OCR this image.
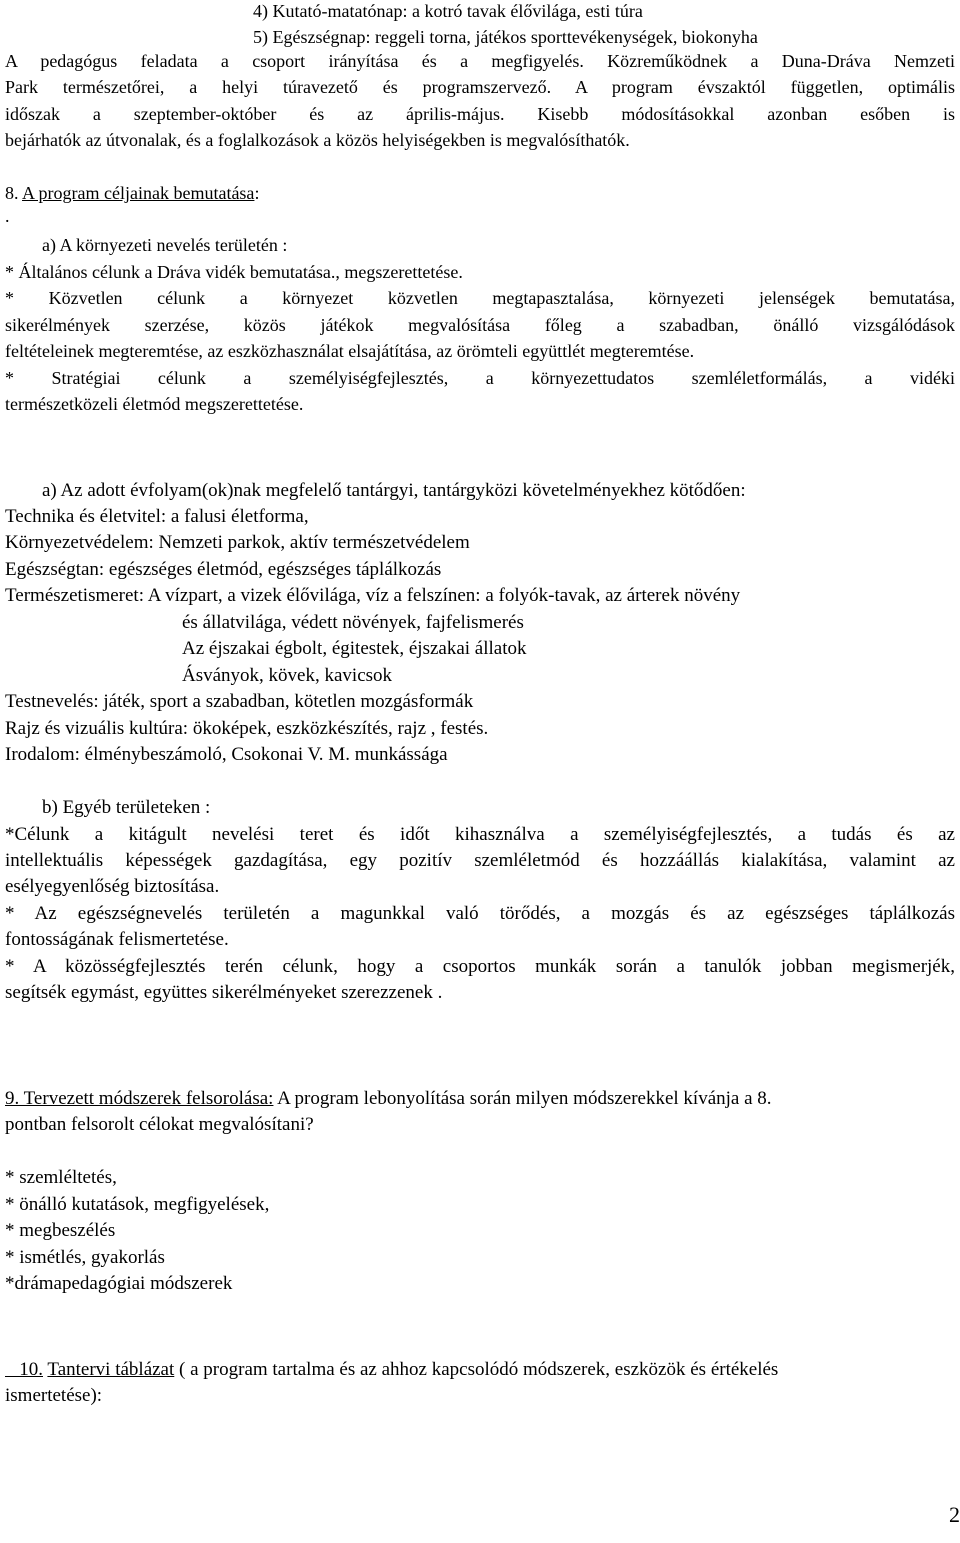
4) Kutató-matatónap: a kotró tavak élővilága, esti túra
5) Egészségnap: reggeli torna, játékos sporttevékenységek, biokonyha
A pedagógus feladata a csoport irányítása és a megfigyelés. Közreműködnek a Duna-Dráva Nemzeti
Park természetőrei, a helyi túravezető és programszervező. A program évszaktól független, optimális
időszak a szeptember-október és az április-május. Kisebb módosításokkal azonban esőben is
bejárhatók az útvonalak, és a foglalkozások a közös helyiségekben is megvalósíthatók.
8. A program céljainak bemutatása:
.
a) A környezeti nevelés területén :
* Általános célunk a Dráva vidék bemutatása., megszerettetése.
* Közvetlen célunk a környezet közvetlen megtapasztalása, környezeti jelenségek bemutatása,
sikerélmények szerzése, közös játékok megvalósítása főleg a szabadban, önálló vizsgálódások
feltételeinek megteremtése, az eszközhasználat elsajátítása, az örömteli együttlét megteremtése.
* Stratégiai célunk a személyiségfejlesztés, a környezettudatos szemléletformálás, a vidéki
természetközeli életmód megszerettetése.
a) Az adott évfolyam(ok)nak megfelelő tantárgyi, tantárgyközi követelményekhez kötődően:
Technika és életvitel: a falusi életforma,
Környezetvédelem: Nemzeti parkok, aktív természetvédelem
Egészségtan: egészséges életmód, egészséges táplálkozás
Természetismeret: A vízpart, a vizek élővilága, víz a felszínen: a folyók-tavak, az árterek növény
és állatvilága, védett növények, fajfelismerés
Az éjszakai égbolt, égitestek, éjszakai állatok
Ásványok, kövek, kavicsok
Testnevelés: játék, sport a szabadban, kötetlen mozgásformák
Rajz és vizuális kultúra: ökoképek, eszközkészítés, rajz , festés.
Irodalom: élménybeszámoló, Csokonai V. M. munkássága
b) Egyéb területeken :
*Célunk a kitágult nevelési teret és időt kihasználva a személyiségfejlesztés, a tudás és az
intellektuális képességek gazdagítása, egy pozitív szemléletmód és hozzáállás kialakítása, valamint az
esélyegyenlőség biztosítása.
* Az egészségnevelés területén a magunkkal való törődés, a mozgás és az egészséges táplálkozás
fontosságának felismertetése.
* A közösségfejlesztés terén célunk, hogy a csoportos munkák során a tanulók jobban megismerjék,
segítsék egymást, együttes sikerélményeket szerezzenek .
9. Tervezett módszerek felsorolása: A program lebonyolítása során milyen módszerekkel kívánja a 8.
pontban felsorolt célokat megvalósítani?
* szemléltetés,
* önálló kutatások, megfigyelések,
* megbeszélés
* ismétlés, gyakorlás
*drámapedagógiai módszerek
10. Tantervi táblázat ( a program tartalma és az ahhoz kapcsolódó módszerek, eszközök és értékelés
ismertetése):
2
